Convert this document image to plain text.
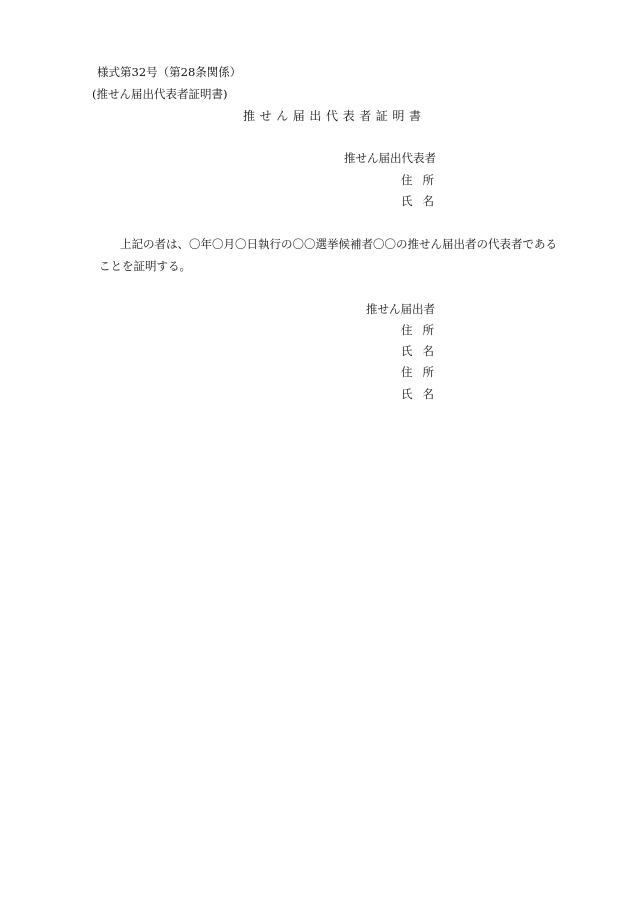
様式第32号（第28条関係）
(推せん届出代表者証明書)
推せん届出代表者証明書
推せん届出代表者
住所
氏名
上記の者は、〇年〇月〇日執行の〇〇選挙候補者〇〇の推せん届出者の代表者である
ことを証明する。
推せん届出者
住所
氏名
住所
氏名
